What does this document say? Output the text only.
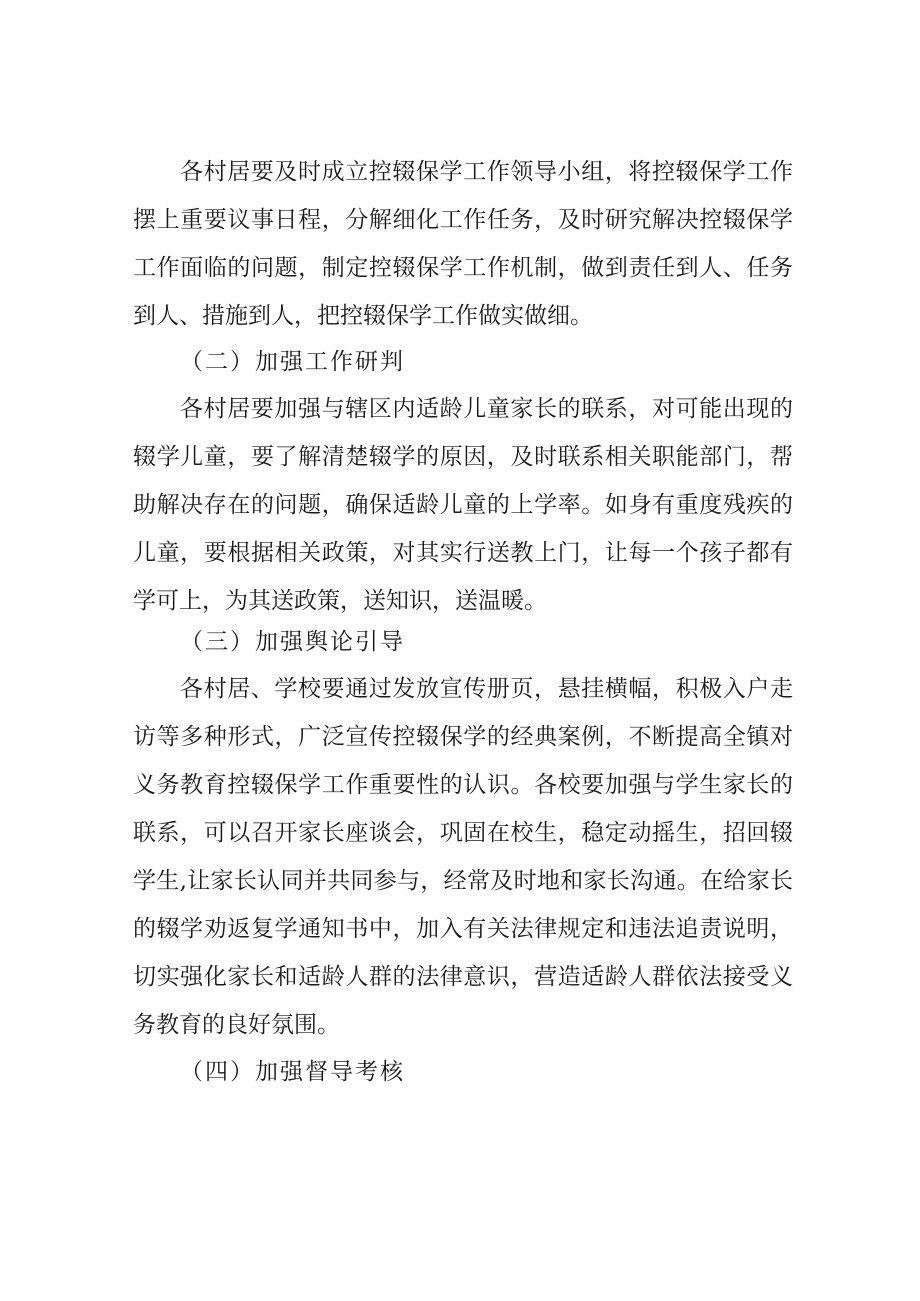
各村居要及时成立控辍保学工作领导小组，将控辍保学工作
摆上重要议事日程，分解细化工作任务，及时研究解决控辍保学
工作面临的问题，制定控辍保学工作机制，做到责任到人、任务
到人、措施到人，把控辍保学工作做实做细。
（二）加强工作研判
各村居要加强与辖区内适龄儿童家长的联系，对可能出现的
辍学儿童，要了解清楚辍学的原因，及时联系相关职能部门，帮
助解决存在的问题，确保适龄儿童的上学率。如身有重度残疾的
儿童，要根据相关政策，对其实行送教上门，让每一个孩子都有
学可上，为其送政策，送知识，送温暖。
（三）加强舆论引导
各村居、学校要通过发放宣传册页，悬挂横幅，积极入户走
访等多种形式，广泛宣传控辍保学的经典案例，不断提高全镇对
义务教育控辍保学工作重要性的认识。各校要加强与学生家长的
联系，可以召开家长座谈会，巩固在校生，稳定动摇生，招回辍
学生,让家长认同并共同参与，经常及时地和家长沟通。在给家长
的辍学劝返复学通知书中，加入有关法律规定和违法追责说明，
切实强化家长和适龄人群的法律意识，营造适龄人群依法接受义
务教育的良好氛围。
（四）加强督导考核
